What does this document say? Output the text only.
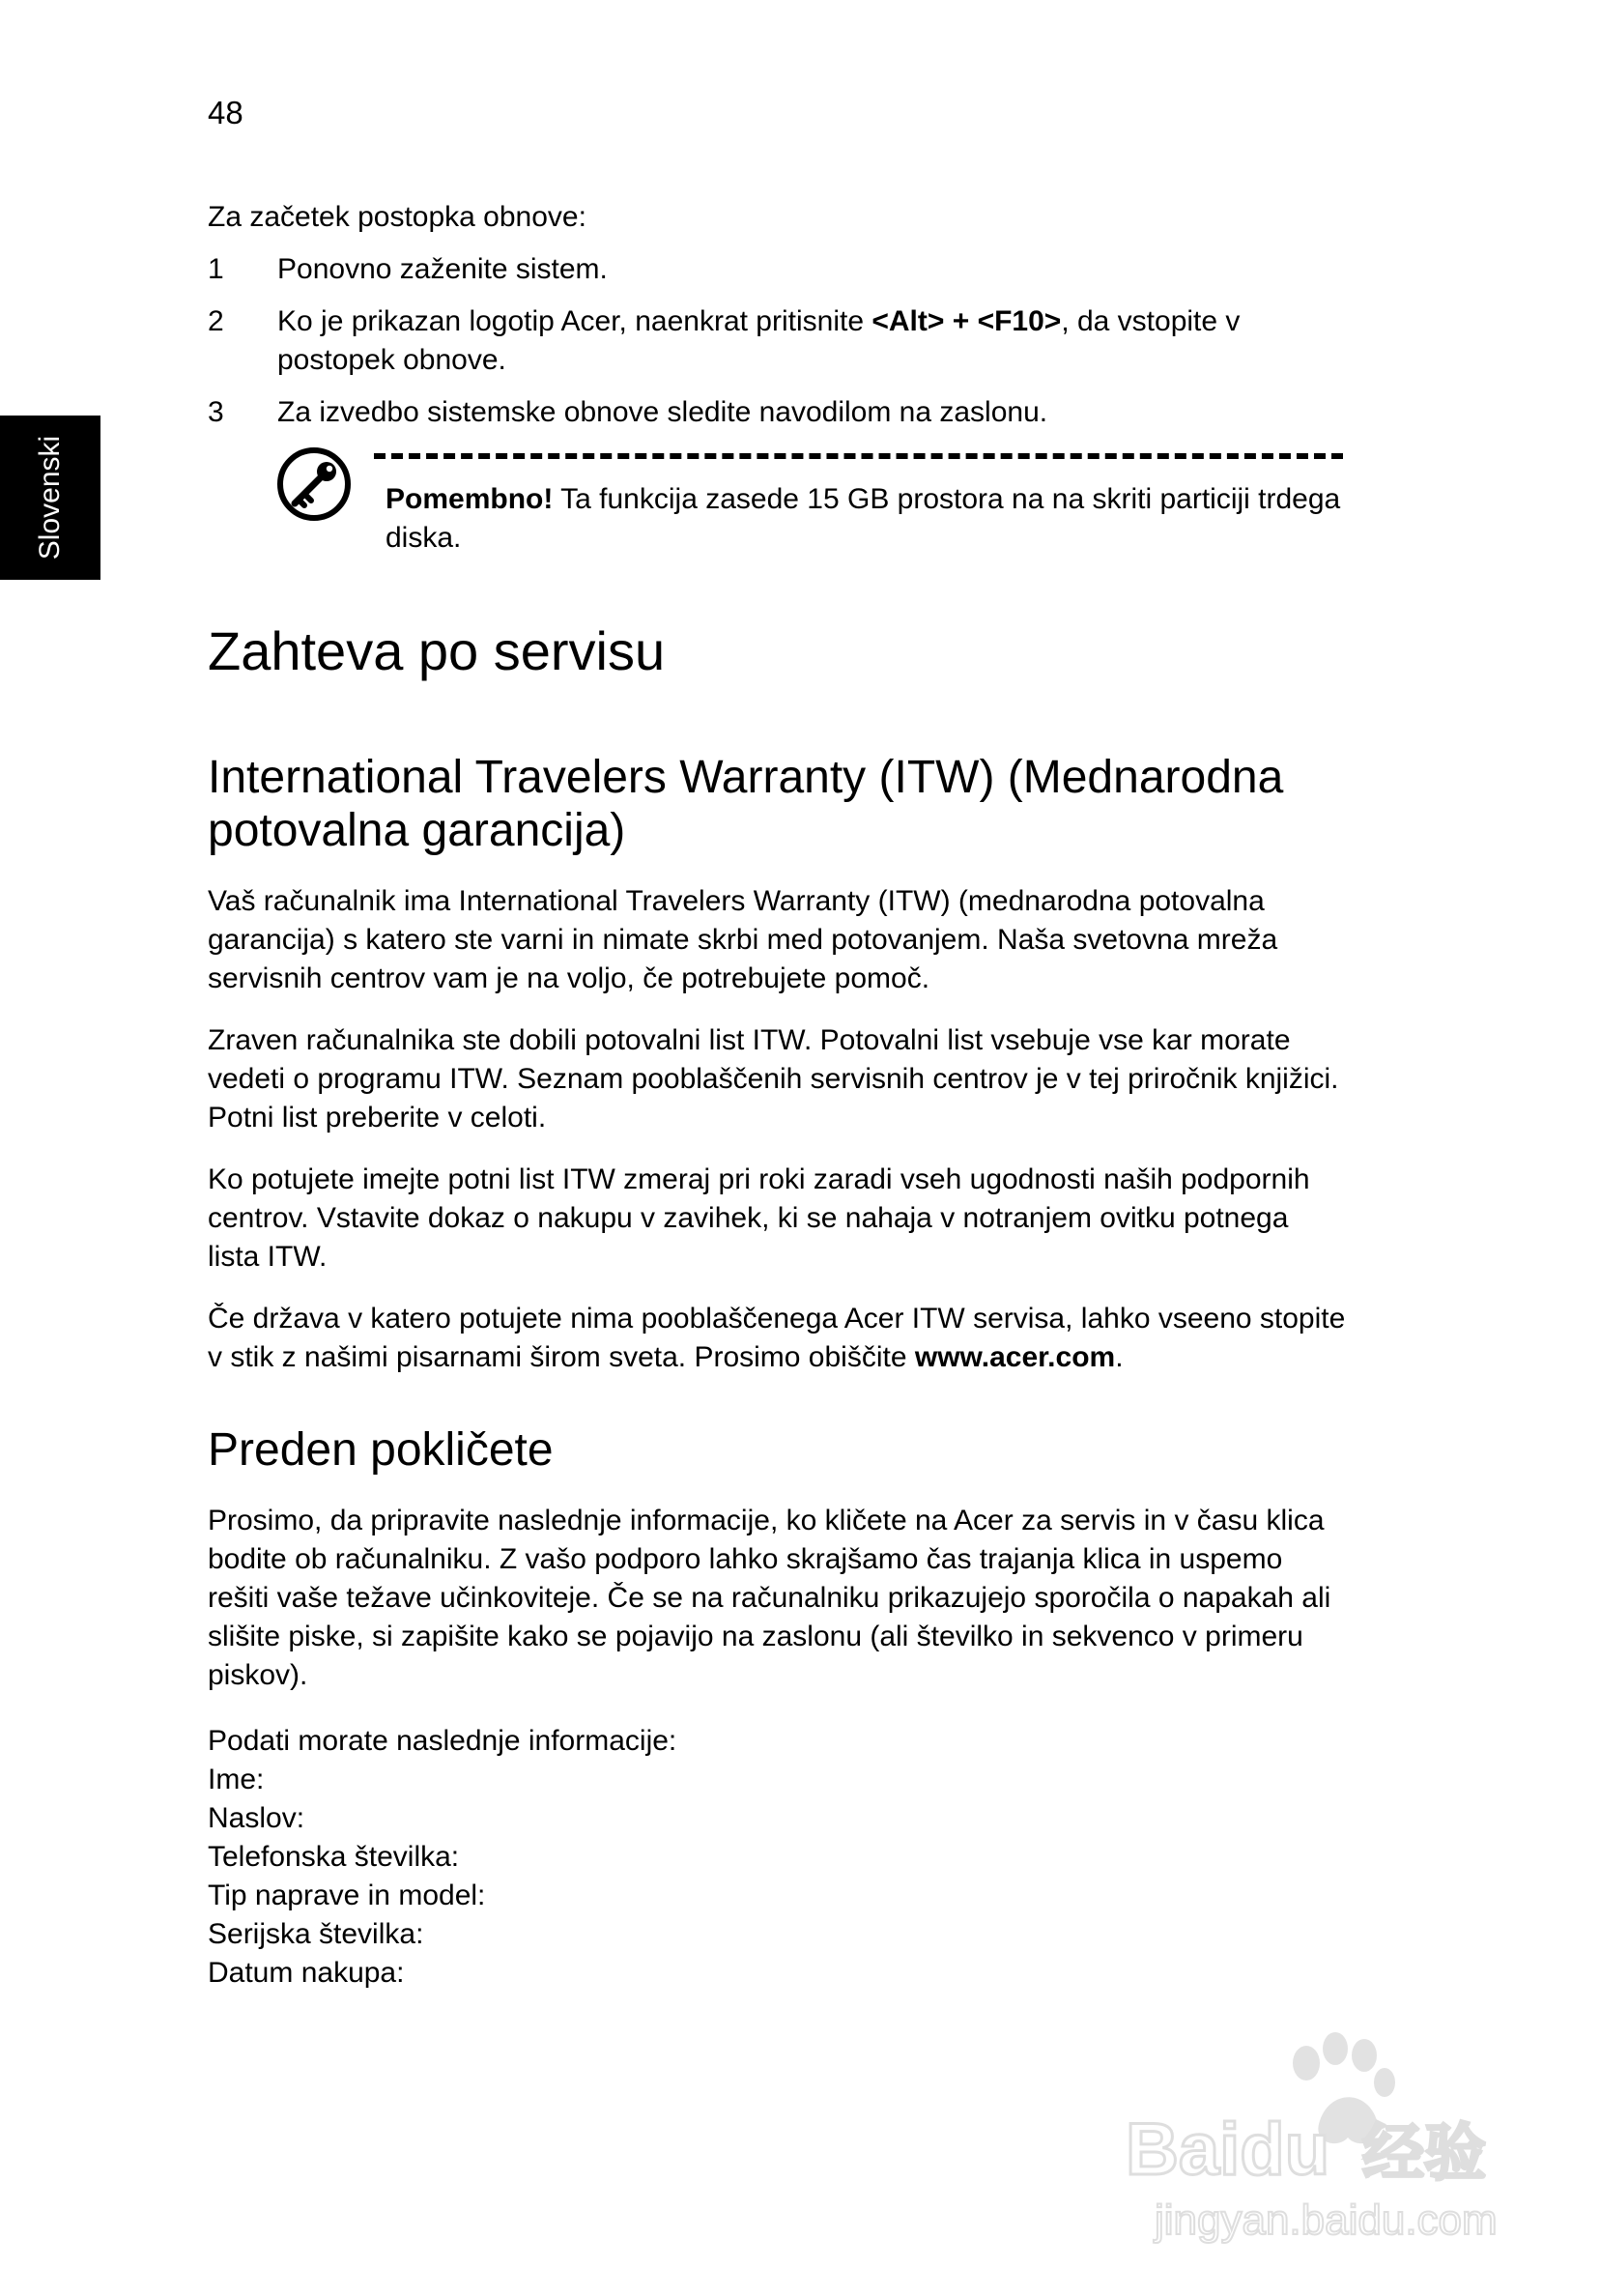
48
Slovenski

Za začetek postopka obnove:

1 Ponovno zaženite sistem.
2 Ko je prikazan logotip Acer, naenkrat pritisnite <Alt> + <F10>, da vstopite v postopek obnove.
3 Za izvedbo sistemske obnove sledite navodilom na zaslonu.
Pomembno! Ta funkcija zasede 15 GB prostora na na skriti particiji trdega diska.
Zahteva po servisu
International Travelers Warranty (ITW) (Mednarodna potovalna garancija)

Vaš računalnik ima International Travelers Warranty (ITW) (mednarodna potovalna garancija) s katero ste varni in nimate skrbi med potovanjem. Naša svetovna mreža servisnih centrov vam je na voljo, če potrebujete pomoč.

Zraven računalnika ste dobili potovalni list ITW. Potovalni list vsebuje vse kar morate vedeti o programu ITW. Seznam pooblaščenih servisnih centrov je v tej priročnik knjižici. Potni list preberite v celoti.

Ko potujete imejte potni list ITW zmeraj pri roki zaradi vseh ugodnosti naših podpornih centrov. Vstavite dokaz o nakupu v zavihek, ki se nahaja v notranjem ovitku potnega lista ITW.

Če država v katero potujete nima pooblaščenega Acer ITW servisa, lahko vseeno stopite v stik z našimi pisarnami širom sveta. Prosimo obiščite www.acer.com.

Preden pokličete

Prosimo, da pripravite naslednje informacije, ko kličete na Acer za servis in v času klica bodite ob računalniku. Z vašo podporo lahko skrajšamo čas trajanja klica in uspemo rešiti vaše težave učinkoviteje. Če se na računalniku prikazujejo sporočila o napakah ali slišite piske, si zapišite kako se pojavijo na zaslonu (ali številko in sekvenco v primeru piskov).

Podati morate naslednje informacije:
Ime:
Naslov:
Telefonska številka:
Tip naprave in model:
Serijska številka:
Datum nakupa:
Baidu 经验
jingyan.baidu.com
